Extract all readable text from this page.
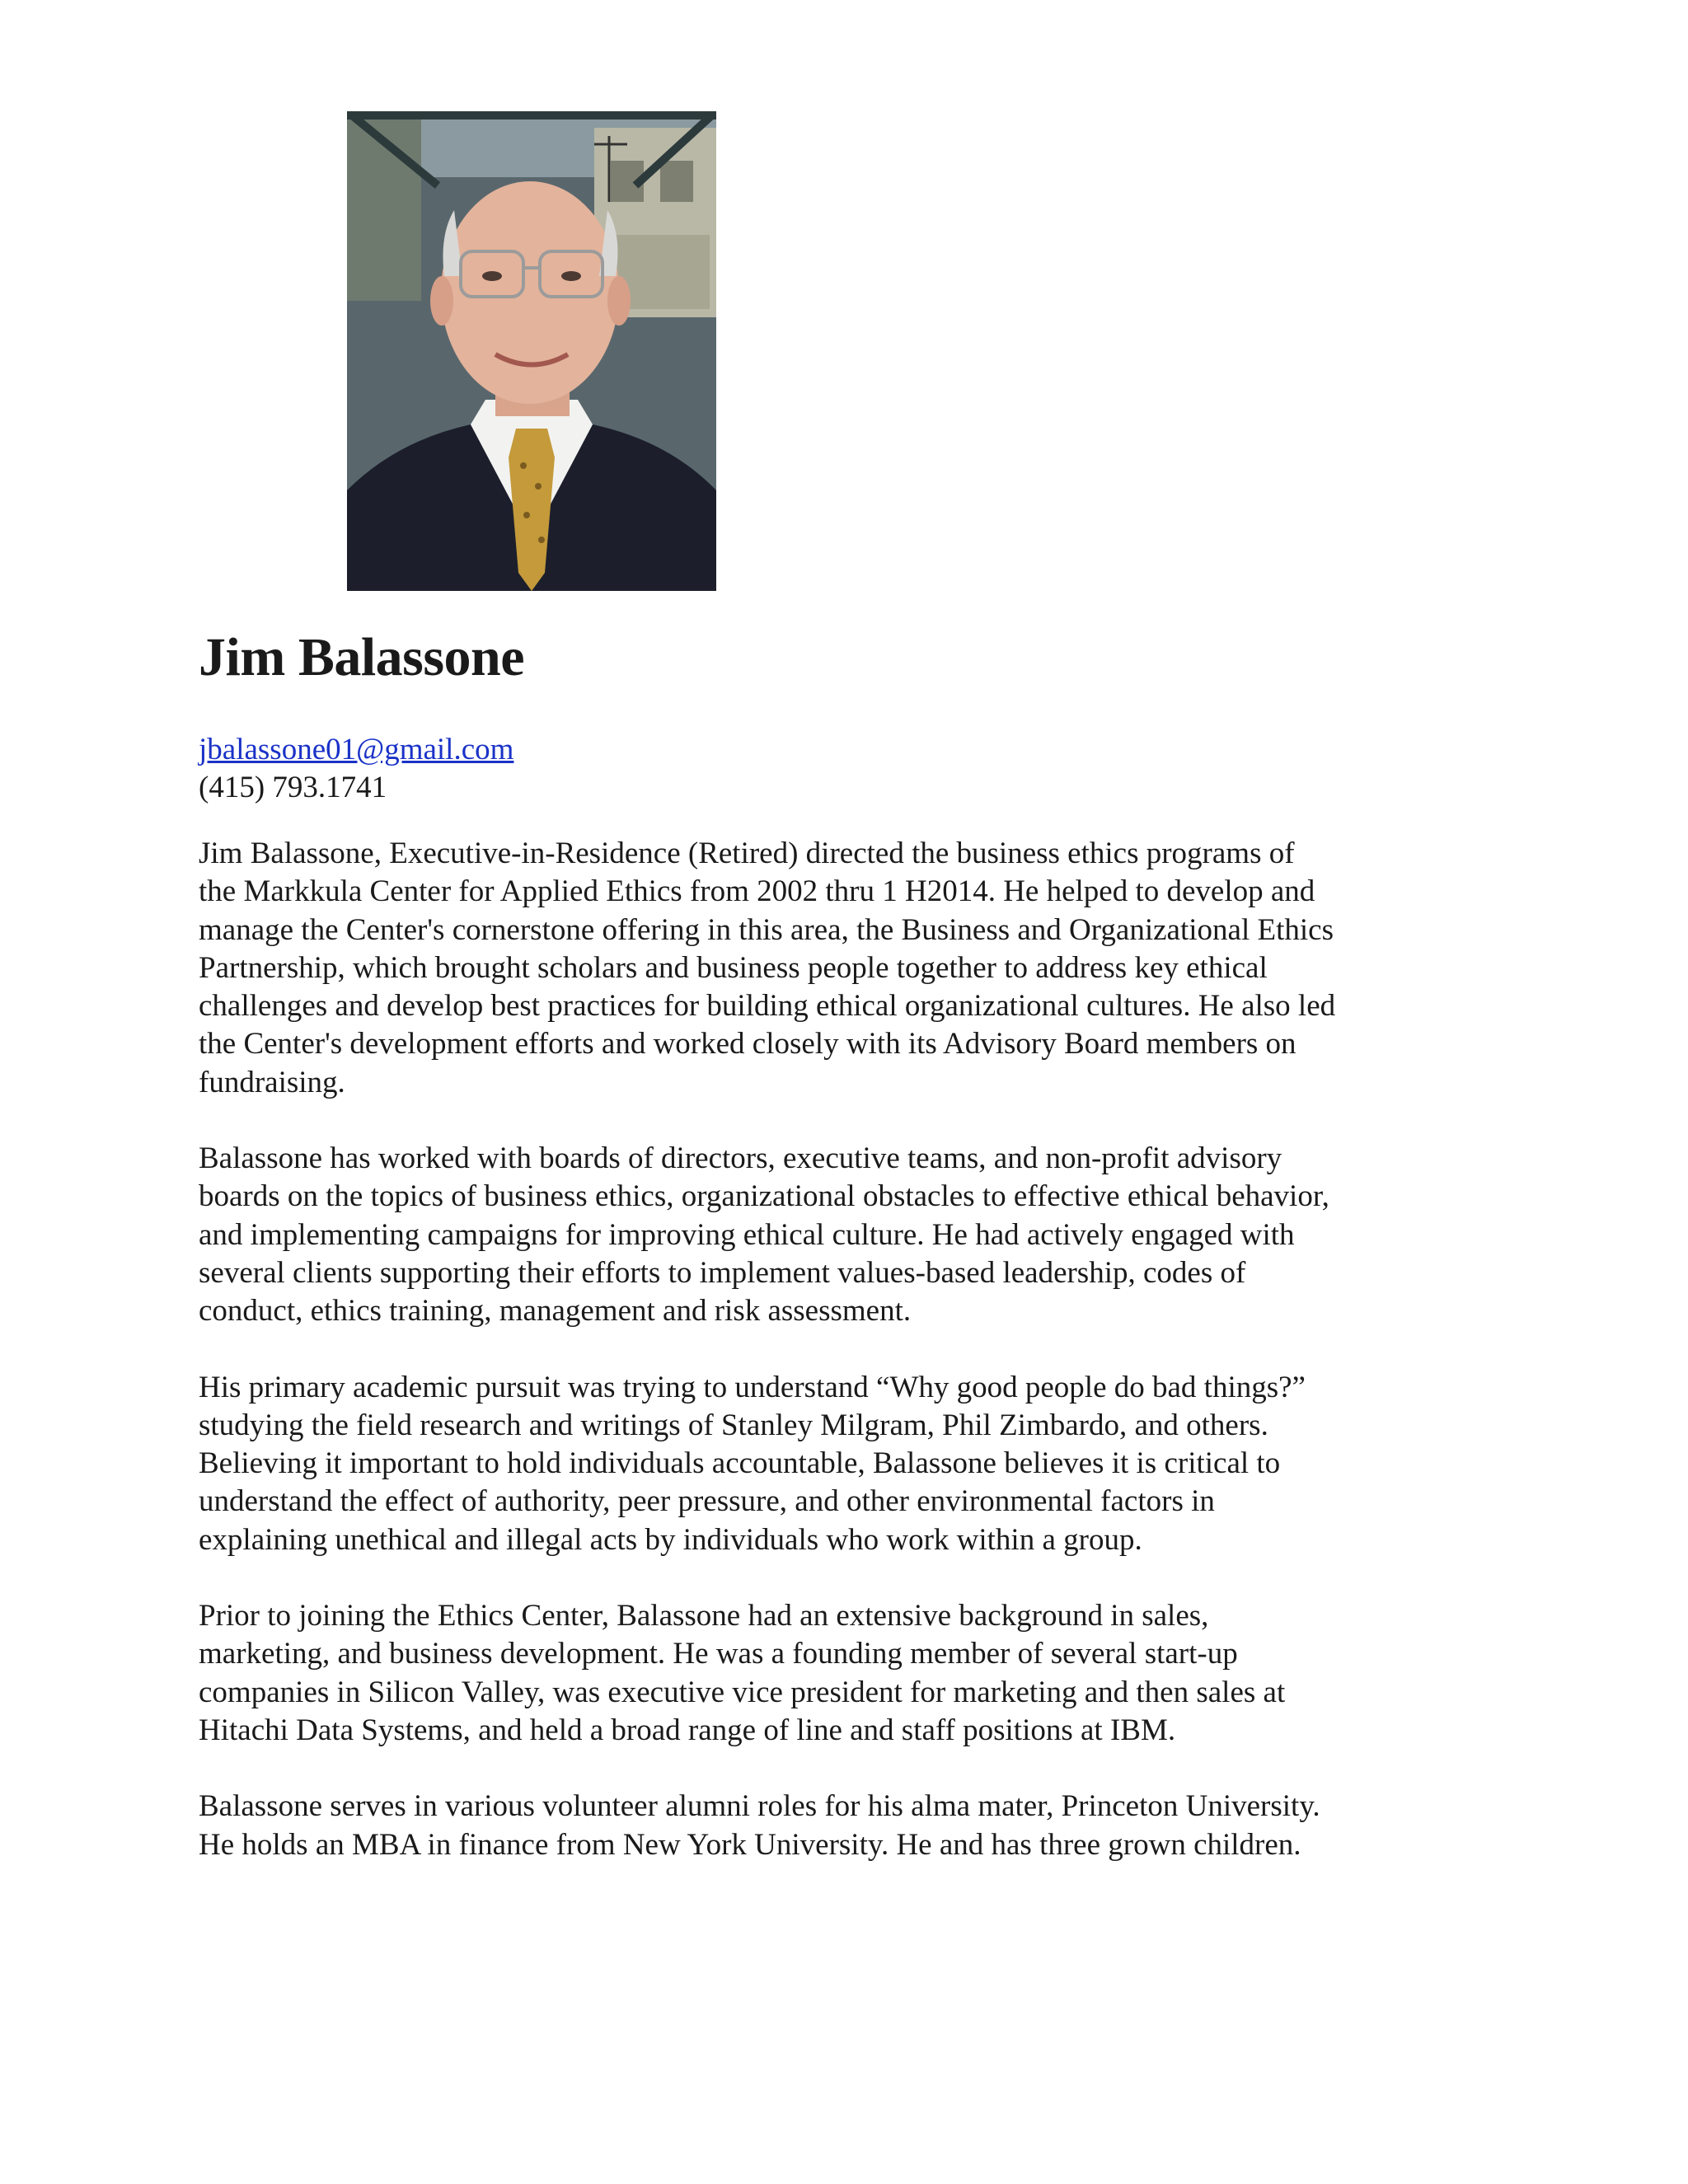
Jim Balassone
jbalassone01@gmail.com
(415) 793.1741

Jim Balassone, Executive-in-Residence (Retired) directed the business ethics programs of
the Markkula Center for Applied Ethics from 2002 thru 1 H2014. He helped to develop and
manage the Center's cornerstone offering in this area, the Business and Organizational Ethics
Partnership, which brought scholars and business people together to address key ethical
challenges and develop best practices for building ethical organizational cultures. He also led
the Center's development efforts and worked closely with its Advisory Board members on
fundraising.

Balassone has worked with boards of directors, executive teams, and non-profit advisory
boards on the topics of business ethics, organizational obstacles to effective ethical behavior,
and implementing campaigns for improving ethical culture. He had actively engaged with
several clients supporting their efforts to implement values-based leadership, codes of
conduct, ethics training, management and risk assessment.

His primary academic pursuit was trying to understand “Why good people do bad things?”
studying the field research and writings of Stanley Milgram, Phil Zimbardo, and others.
Believing it important to hold individuals accountable, Balassone believes it is critical to
understand the effect of authority, peer pressure, and other environmental factors in
explaining unethical and illegal acts by individuals who work within a group.

Prior to joining the Ethics Center, Balassone had an extensive background in sales,
marketing, and business development. He was a founding member of several start-up
companies in Silicon Valley, was executive vice president for marketing and then sales at
Hitachi Data Systems, and held a broad range of line and staff positions at IBM.

Balassone serves in various volunteer alumni roles for his alma mater, Princeton University.
He holds an MBA in finance from New York University. He and has three grown children.
